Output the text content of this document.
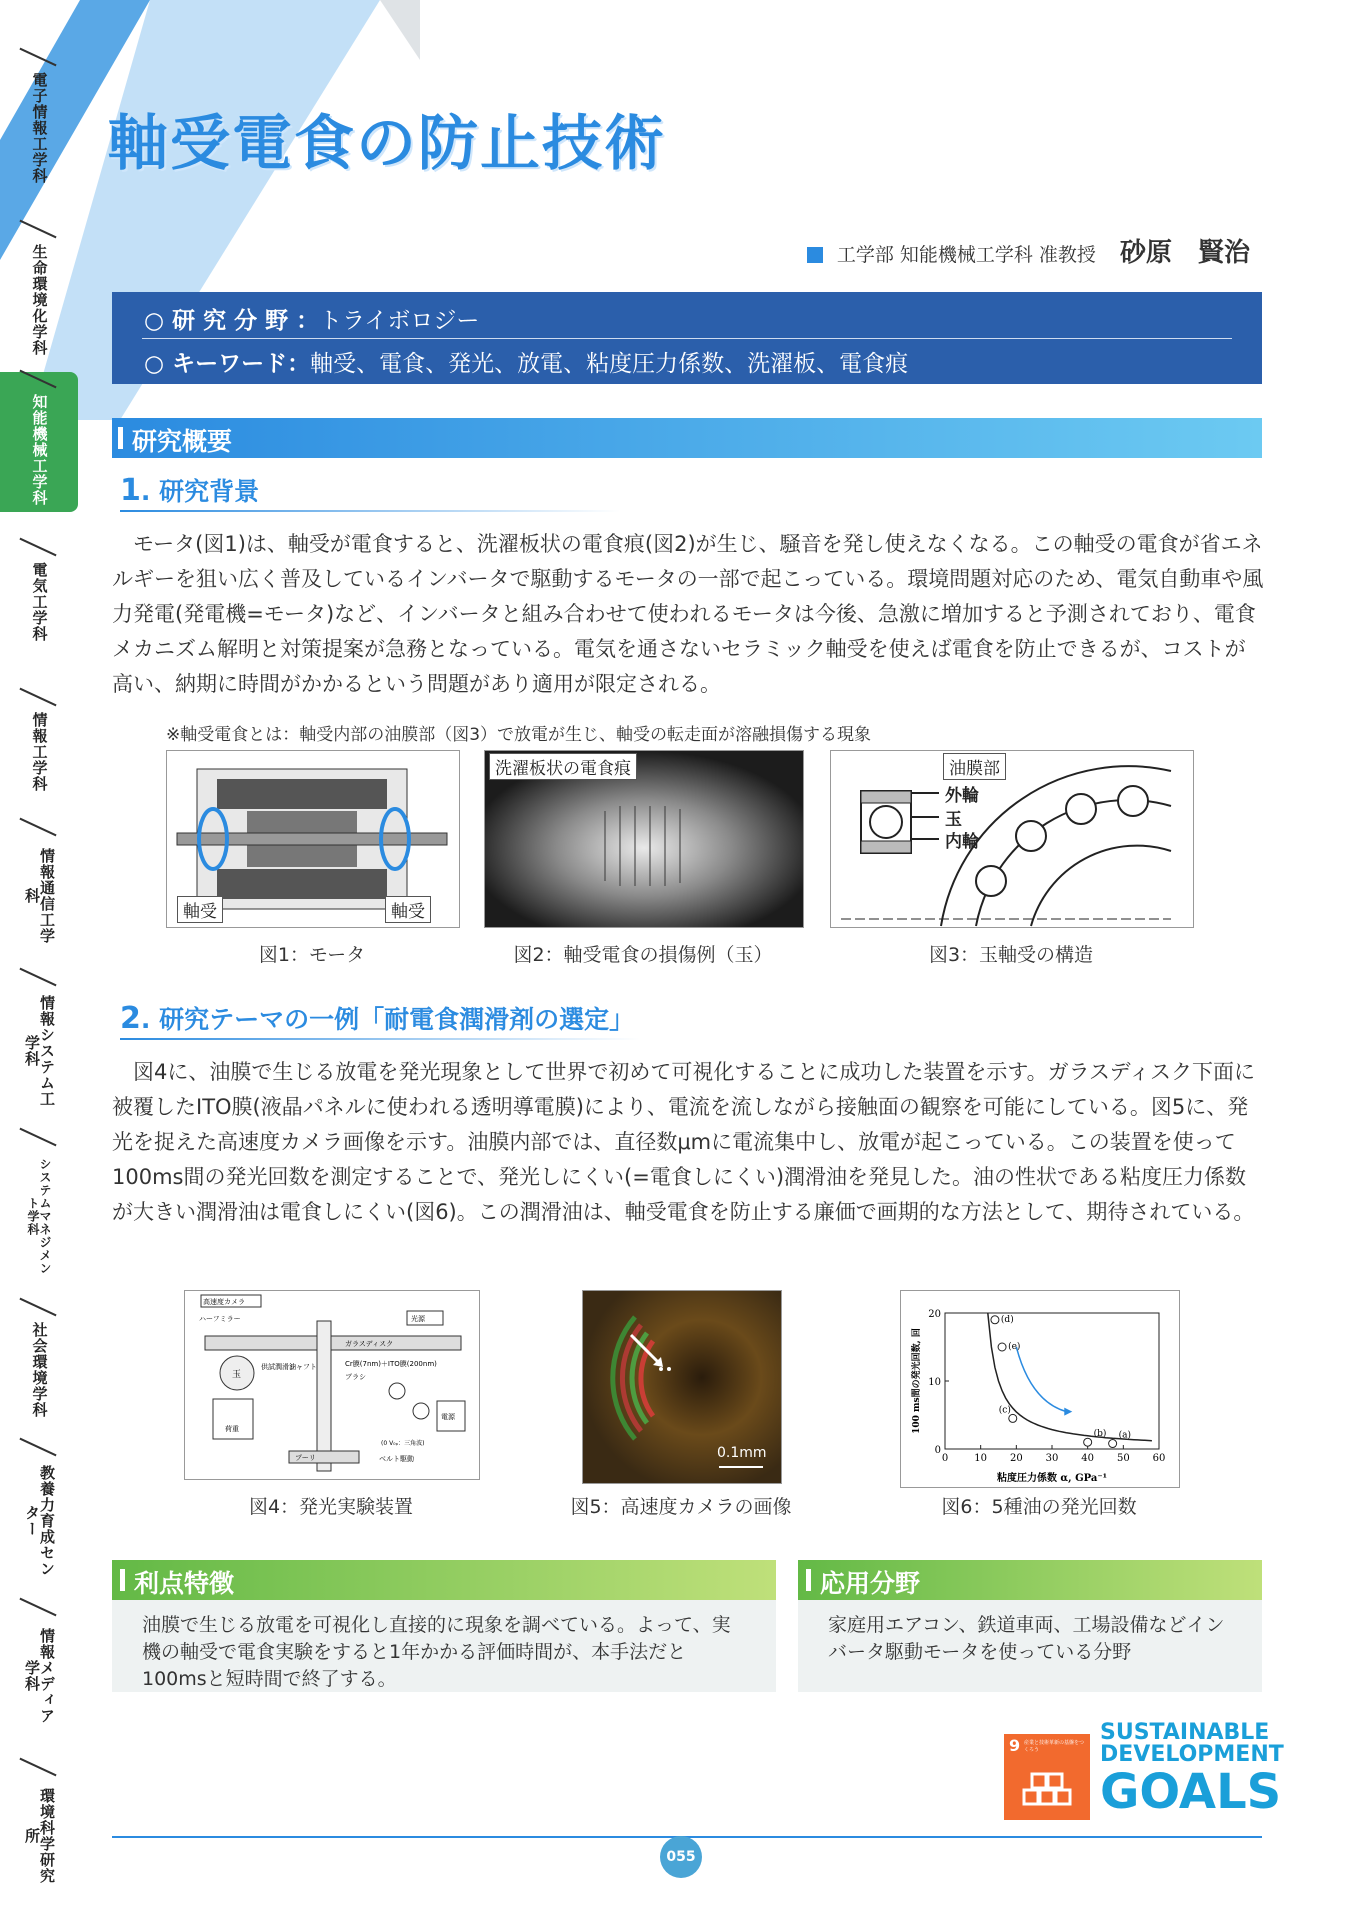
電子情報工学科
生命環境化学科
知能機械工学科
電気工学科
情報工学科
情報通信工学科
情報システム工学科
システムマネジメント学科
社会環境学科
教養力育成センター
情報メディア学科
環境科学研究所
軸受電食の防止技術
工学部 知能機械工学科 准教授 砂原　賢治
○ 研 究 分 野 ：トライボロジー
○ キーワード：軸受、電食、発光、放電、粘度圧力係数、洗濯板、電食痕
研究概要
1. 研究背景

モータ(図1)は、軸受が電食すると、洗濯板状の電食痕(図2)が生じ、騒音を発し使えなくなる。この軸受の電食が省エネルギーを狙い広く普及しているインバータで駆動するモータの一部で起こっている。環境問題対応のため、電気自動車や風力発電(発電機=モータ)など、インバータと組み合わせて使われるモータは今後、急激に増加すると予測されており、電食メカニズム解明と対策提案が急務となっている。電気を通さないセラミック軸受を使えば電食を防止できるが、コストが高い、納期に時間がかかるという問題があり適用が限定される。

※軸受電食とは：軸受内部の油膜部（図3）で放電が生じ、軸受の転走面が溶融損傷する現象
軸受	軸受
図1：モータ
洗濯板状の電食痕
図2：軸受電食の損傷例（玉）
油膜部
外輪
玉
内輪
図3：玉軸受の構造
2. 研究テーマの一例「耐電食潤滑剤の選定」

図4に、油膜で生じる放電を発光現象として世界で初めて可視化することに成功した装置を示す。ガラスディスク下面に被覆したITO膜(液晶パネルに使われる透明導電膜)により、電流を流しながら接触面の観察を可能にしている。図5に、発光を捉えた高速度カメラ画像を示す。油膜内部では、直径数μmに電流集中し、放電が起こっている。この装置を使って100ms間の発光回数を測定することで、発光しにくい(=電食しにくい)潤滑油を発見した。油の性状である粘度圧力係数が大きい潤滑油は電食しにくい(図6)。この潤滑油は、軸受電食を防止する廉価で画期的な方法として、期待されている。

高速度カメラ
ハーフミラー	光源
ガラスディスク
Cr膜(7nm)＋ITO膜(200nm)
玉
供試潤滑油
シャフト
ブラシ
電源
(0 V₀ₚ：三角波)
荷重
プーリ	ベルト駆動
図4：発光実験装置
0.1mm
図5：高速度カメラの画像
0	10 20 30 40 50 60
0
10
20	(d)
(e)
(c)
(b) (a)
粘度圧力係数 α, GPa⁻¹
100 ms間の発光回数, 回
図6：5種油の発光回数
利点特徴
油膜で生じる放電を可視化し直接的に現象を調べている。よって、実機の軸受で電食実験をすると1年かかる評価時間が、本手法だと100msと短時間で終了する。
応用分野
家庭用エアコン、鉄道車両、工場設備などインバータ駆動モータを使っている分野
9 産業と技術革新の基盤をつくろう
SUSTAINABLE
DEVELOPMENT
GOALS
055
